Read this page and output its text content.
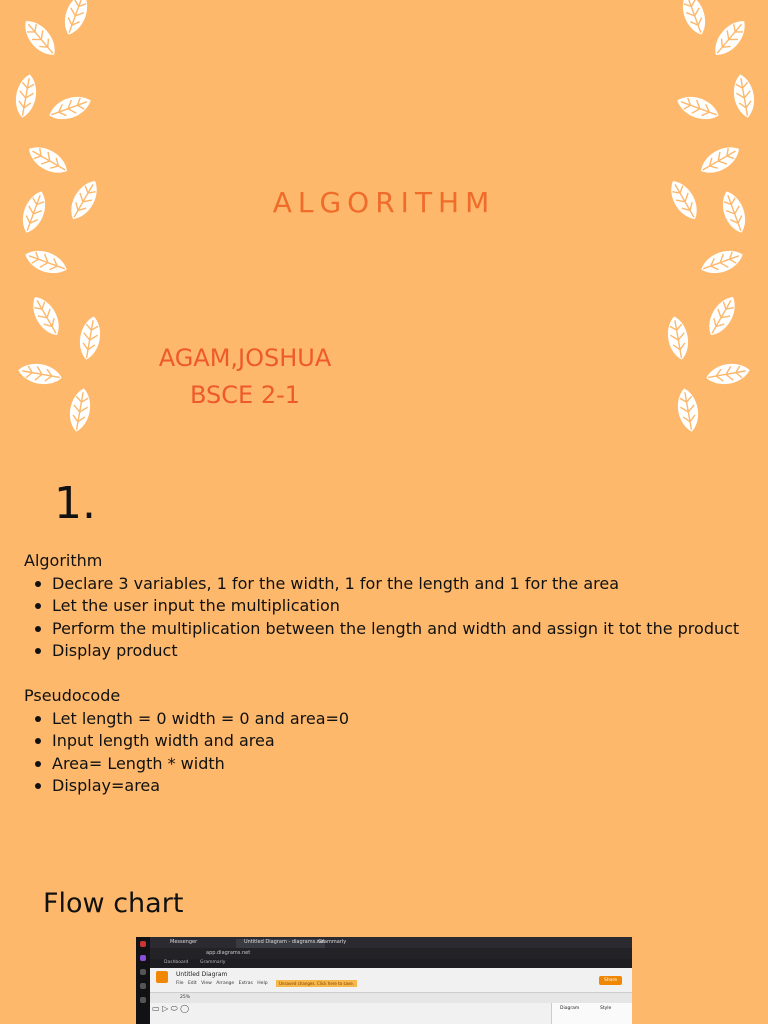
ALGORITHM
AGAM,JOSHUA
BSCE 2-1
1.
Algorithm
Declare 3 variables, 1 for the width, 1 for the length and 1 for the area
Let the user input the multiplication
Perform the multiplication between the length and width and assign it tot the product
Display product
Pseudocode
Let length = 0 width = 0 and area=0
Input length width and area
Area= Length * width
Display=area
Flow chart
Messenger	Untitled Diagram - diagrams.net
Grammarly
app.diagrams.net
Dashboard	Grammarly
Untitled Diagram
File Edit View Arrange Extras Help	Unsaved changes. Click here to save.
Share
25%
▭ ▷ ⬭ ◯	Diagram	Style
